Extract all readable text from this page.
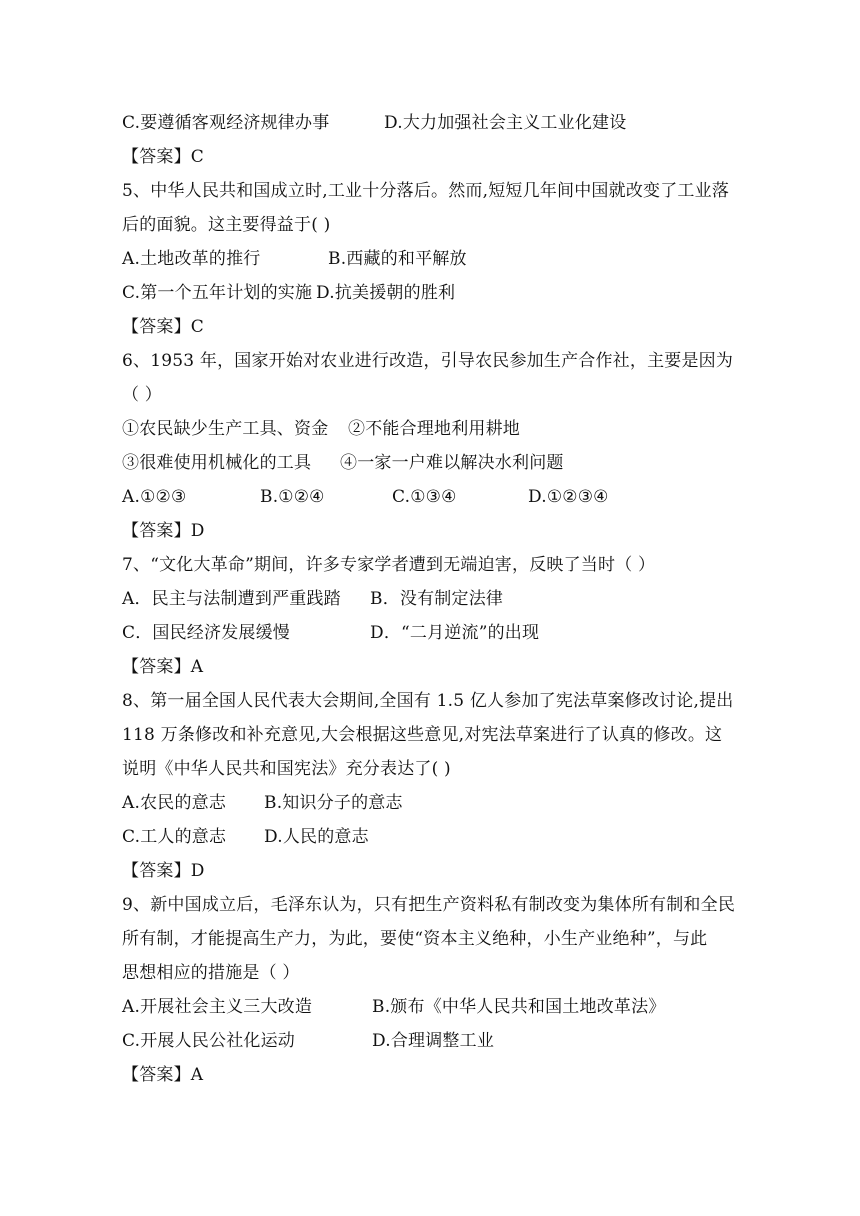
C.要遵循客观经济规律办事	D.大力加强社会主义工业化建设
【答案】C
5、中华人民共和国成立时,工业十分落后。然而,短短几年间中国就改变了工业落
后的面貌。这主要得益于( )
A.土地改革的推行	B.西藏的和平解放
C.第一个五年计划的实施 D.抗美援朝的胜利
【答案】C
6、1953 年，国家开始对农业进行改造，引导农民参加生产合作社，主要是因为
（ ）
①农民缺少生产工具、资金 ②不能合理地利用耕地
③很难使用机械化的工具 ④一家一户难以解决水利问题
A.①②③	B.①②④	C.①③④	D.①②③④
【答案】D
7、“文化大革命”期间，许多专家学者遭到无端迫害，反映了当时（ ）
A．民主与法制遭到严重践踏 B．没有制定法律
C．国民经济发展缓慢	D．“二月逆流”的出现
【答案】A
8、第一届全国人民代表大会期间,全国有 1.5 亿人参加了宪法草案修改讨论,提出
118 万条修改和补充意见,大会根据这些意见,对宪法草案进行了认真的修改。这
说明《中华人民共和国宪法》充分表达了( )
A.农民的意志 B.知识分子的意志
C.工人的意志 D.人民的意志
【答案】D
9、新中国成立后，毛泽东认为，只有把生产资料私有制改变为集体所有制和全民
所有制，才能提高生产力，为此，要使“资本主义绝种，小生产业绝种”，与此
思想相应的措施是（ ）
A.开展社会主义三大改造	B.颁布《中华人民共和国土地改革法》
C.开展人民公社化运动	D.合理调整工业
【答案】A
